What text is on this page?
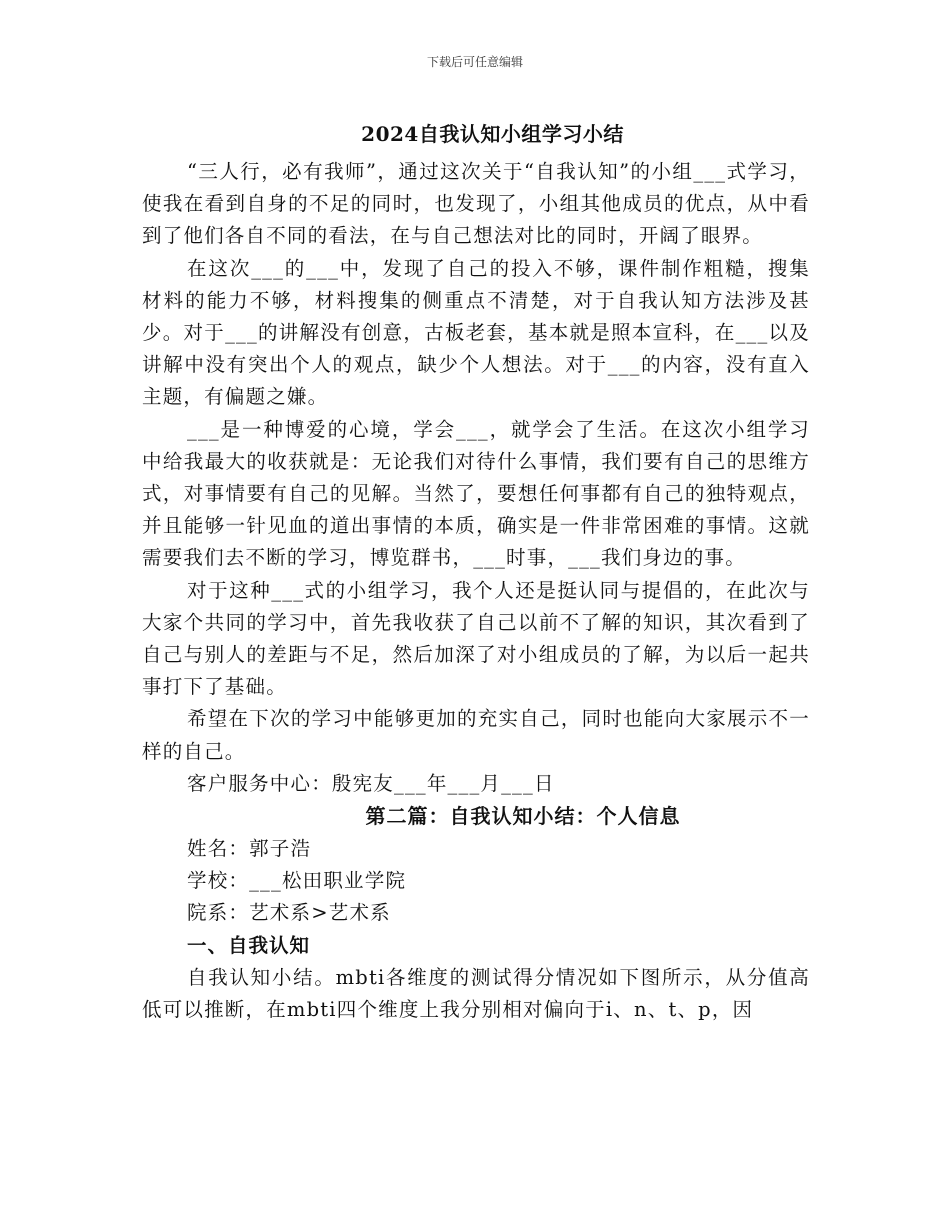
下载后可任意编辑
2024自我认知小组学习小结

“三人行，必有我师”，通过这次关于“自我认知”的小组___式学习，使我在看到自身的不足的同时，也发现了，小组其他成员的优点，从中看到了他们各自不同的看法，在与自己想法对比的同时，开阔了眼界。

在这次___的___中，发现了自己的投入不够，课件制作粗糙，搜集材料的能力不够，材料搜集的侧重点不清楚，对于自我认知方法涉及甚少。对于___的讲解没有创意，古板老套，基本就是照本宣科，在___以及讲解中没有突出个人的观点，缺少个人想法。对于___的内容，没有直入主题，有偏题之嫌。

___是一种博爱的心境，学会___，就学会了生活。在这次小组学习中给我最大的收获就是：无论我们对待什么事情，我们要有自己的思维方式，对事情要有自己的见解。当然了，要想任何事都有自己的独特观点，并且能够一针见血的道出事情的本质，确实是一件非常困难的事情。这就需要我们去不断的学习，博览群书，___时事，___我们身边的事。

对于这种___式的小组学习，我个人还是挺认同与提倡的，在此次与大家个共同的学习中，首先我收获了自己以前不了解的知识，其次看到了自己与别人的差距与不足，然后加深了对小组成员的了解，为以后一起共事打下了基础。

希望在下次的学习中能够更加的充实自己，同时也能向大家展示不一样的自己。

客户服务中心：殷宪友___年___月___日

第二篇：自我认知小结：个人信息

姓名：郭子浩

学校：___松田职业学院

院系：艺术系>艺术系

一、自我认知

自我认知小结。mbti各维度的测试得分情况如下图所示，从分值高低可以推断，在mbti四个维度上我分别相对偏向于i、n、t、p，因
